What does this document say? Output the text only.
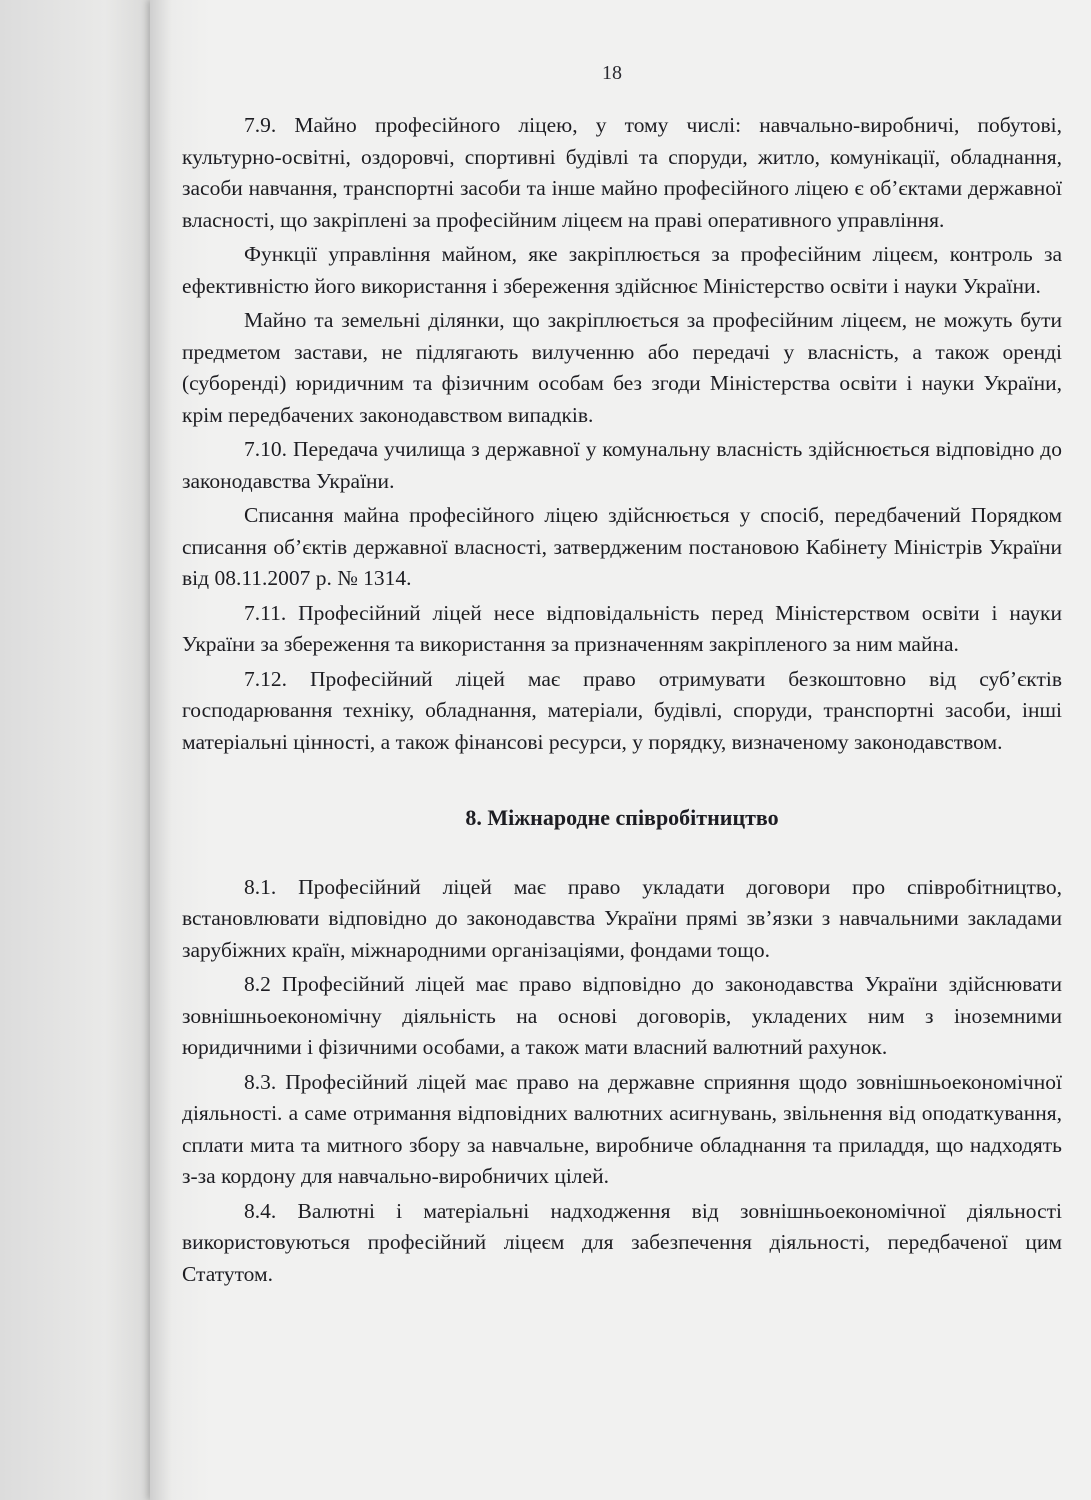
18

7.9. Майно професійного ліцею, у тому числі: навчально-виробничі, побутові, культурно-освітні, оздоровчі, спортивні будівлі та споруди, житло, комунікації, обладнання, засоби навчання, транспортні засоби та інше майно професійного ліцею є об’єктами державної власності, що закріплені за професійним ліцеєм на праві оперативного управління.

Функції управління майном, яке закріплюється за професійним ліцеєм, контроль за ефективністю його використання і збереження здійснює Міністерство освіти і науки України.

Майно та земельні ділянки, що закріплюється за професійним ліцеєм, не можуть бути предметом застави, не підлягають вилученню або передачі у власність, а також оренді (суборенді) юридичним та фізичним особам без згоди Міністерства освіти і науки України, крім передбачених законодавством випадків.

7.10. Передача училища з державної у комунальну власність здійснюється відповідно до законодавства України.

Списання майна професійного ліцею здійснюється у спосіб, передбачений Порядком списання об’єктів державної власності, затвердженим постановою Кабінету Міністрів України від 08.11.2007 р. № 1314.

7.11. Професійний ліцей несе відповідальність перед Міністерством освіти і науки України за збереження та використання за призначенням закріпленого за ним майна.

7.12. Професійний ліцей має право отримувати безкоштовно від суб’єктів господарювання техніку, обладнання, матеріали, будівлі, споруди, транспортні засоби, інші матеріальні цінності, а також фінансові ресурси, у порядку, визначеному законодавством.

8. Міжнародне співробітництво

8.1. Професійний ліцей має право укладати договори про співробітництво, встановлювати відповідно до законодавства України прямі зв’язки з навчальними закладами зарубіжних країн, міжнародними організаціями, фондами тощо.

8.2 Професійний ліцей має право відповідно до законодавства України здійснювати зовнішньоекономічну діяльність на основі договорів, укладених ним з іноземними юридичними і фізичними особами, а також мати власний валютний рахунок.

8.3. Професійний ліцей має право на державне сприяння щодо зовнішньоекономічної діяльності. а саме отримання відповідних валютних асигнувань, звільнення від оподаткування, сплати мита та митного збору за навчальне, виробниче обладнання та приладдя, що надходять з-за кордону для навчально-виробничих цілей.

8.4. Валютні і матеріальні надходження від зовнішньоекономічної діяльності використовуються професійний ліцеєм для забезпечення діяльності, передбаченої цим Статутом.
